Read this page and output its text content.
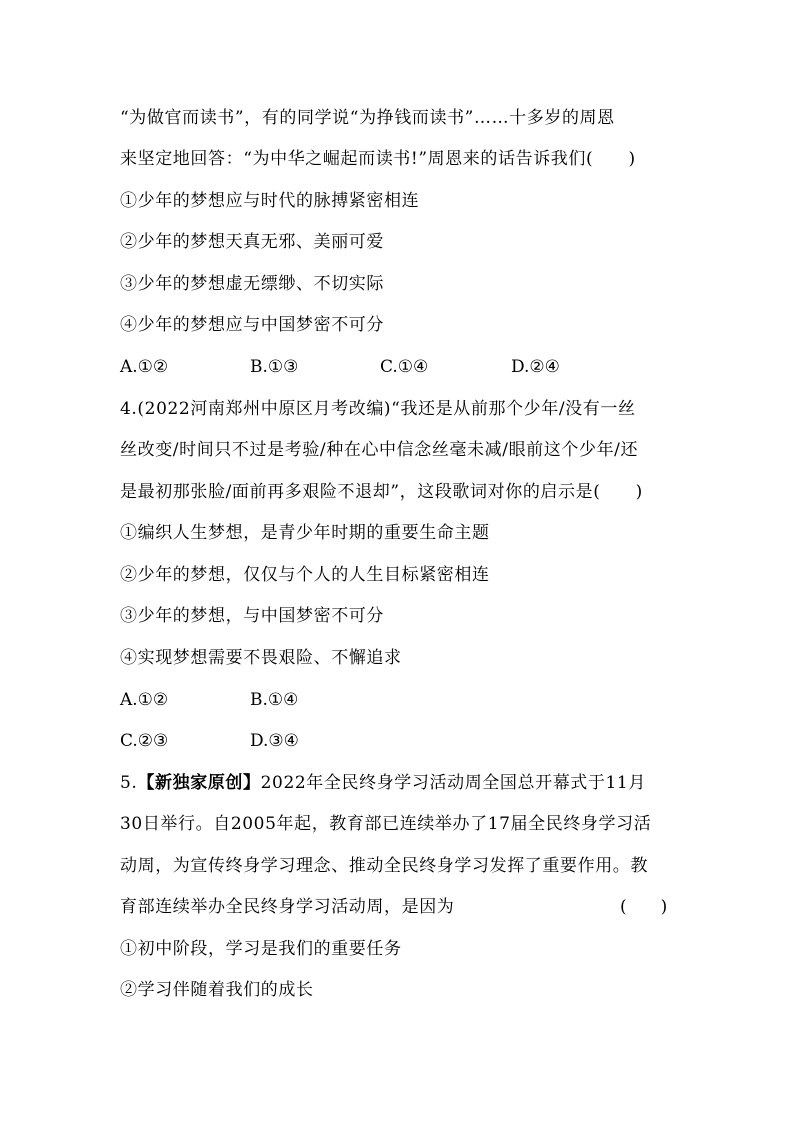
“为做官而读书”，有的同学说“为挣钱而读书”……十多岁的周恩
来坚定地回答：“为中华之崛起而读书!”周恩来的话告诉我们(　　)
①少年的梦想应与时代的脉搏紧密相连
②少年的梦想天真无邪、美丽可爱
③少年的梦想虚无缥缈、不切实际
④少年的梦想应与中国梦密不可分
A.①②	B.①③	C.①④	D.②④
4.(2022河南郑州中原区月考改编)“我还是从前那个少年/没有一丝
丝改变/时间只不过是考验/种在心中信念丝毫未减/眼前这个少年/还
是最初那张脸/面前再多艰险不退却”，这段歌词对你的启示是(　　)
①编织人生梦想，是青少年时期的重要生命主题
②少年的梦想，仅仅与个人的人生目标紧密相连
③少年的梦想，与中国梦密不可分
④实现梦想需要不畏艰险、不懈追求
A.①②	B.①④
C.②③	D.③④
5.【新独家原创】2022年全民终身学习活动周全国总开幕式于11月
30日举行。自2005年起，教育部已连续举办了17届全民终身学习活
动周，为宣传终身学习理念、推动全民终身学习发挥了重要作用。教
育部连续举办全民终身学习活动周，是因为	(　　)
①初中阶段，学习是我们的重要任务
②学习伴随着我们的成长
